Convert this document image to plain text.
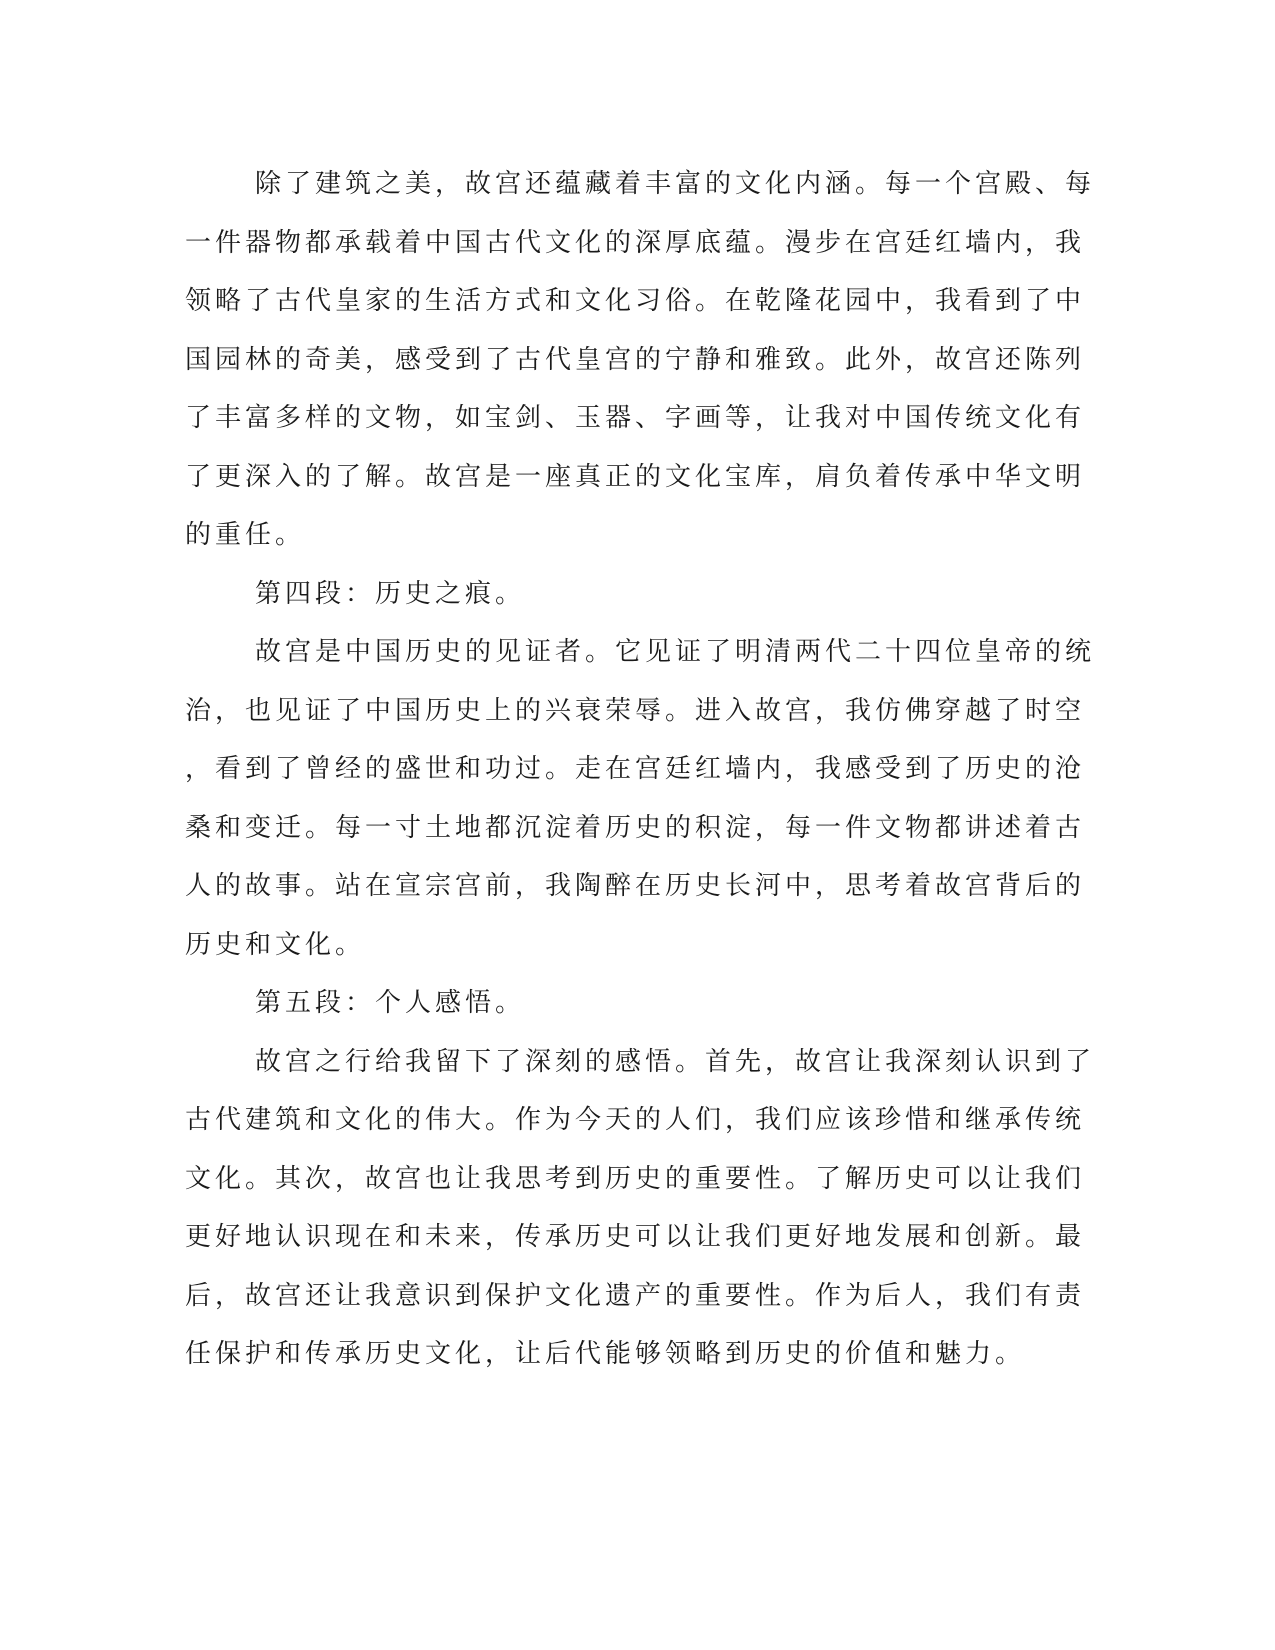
除了建筑之美，故宫还蕴藏着丰富的文化内涵。每一个宫殿、每
一件器物都承载着中国古代文化的深厚底蕴。漫步在宫廷红墙内，我
领略了古代皇家的生活方式和文化习俗。在乾隆花园中，我看到了中
国园林的奇美，感受到了古代皇宫的宁静和雅致。此外，故宫还陈列
了丰富多样的文物，如宝剑、玉器、字画等，让我对中国传统文化有
了更深入的了解。故宫是一座真正的文化宝库，肩负着传承中华文明
的重任。
第四段：历史之痕。
故宫是中国历史的见证者。它见证了明清两代二十四位皇帝的统
治，也见证了中国历史上的兴衰荣辱。进入故宫，我仿佛穿越了时空
，看到了曾经的盛世和功过。走在宫廷红墙内，我感受到了历史的沧
桑和变迁。每一寸土地都沉淀着历史的积淀，每一件文物都讲述着古
人的故事。站在宣宗宫前，我陶醉在历史长河中，思考着故宫背后的
历史和文化。
第五段：个人感悟。
故宫之行给我留下了深刻的感悟。首先，故宫让我深刻认识到了
古代建筑和文化的伟大。作为今天的人们，我们应该珍惜和继承传统
文化。其次，故宫也让我思考到历史的重要性。了解历史可以让我们
更好地认识现在和未来，传承历史可以让我们更好地发展和创新。最
后，故宫还让我意识到保护文化遗产的重要性。作为后人，我们有责
任保护和传承历史文化，让后代能够领略到历史的价值和魅力。
